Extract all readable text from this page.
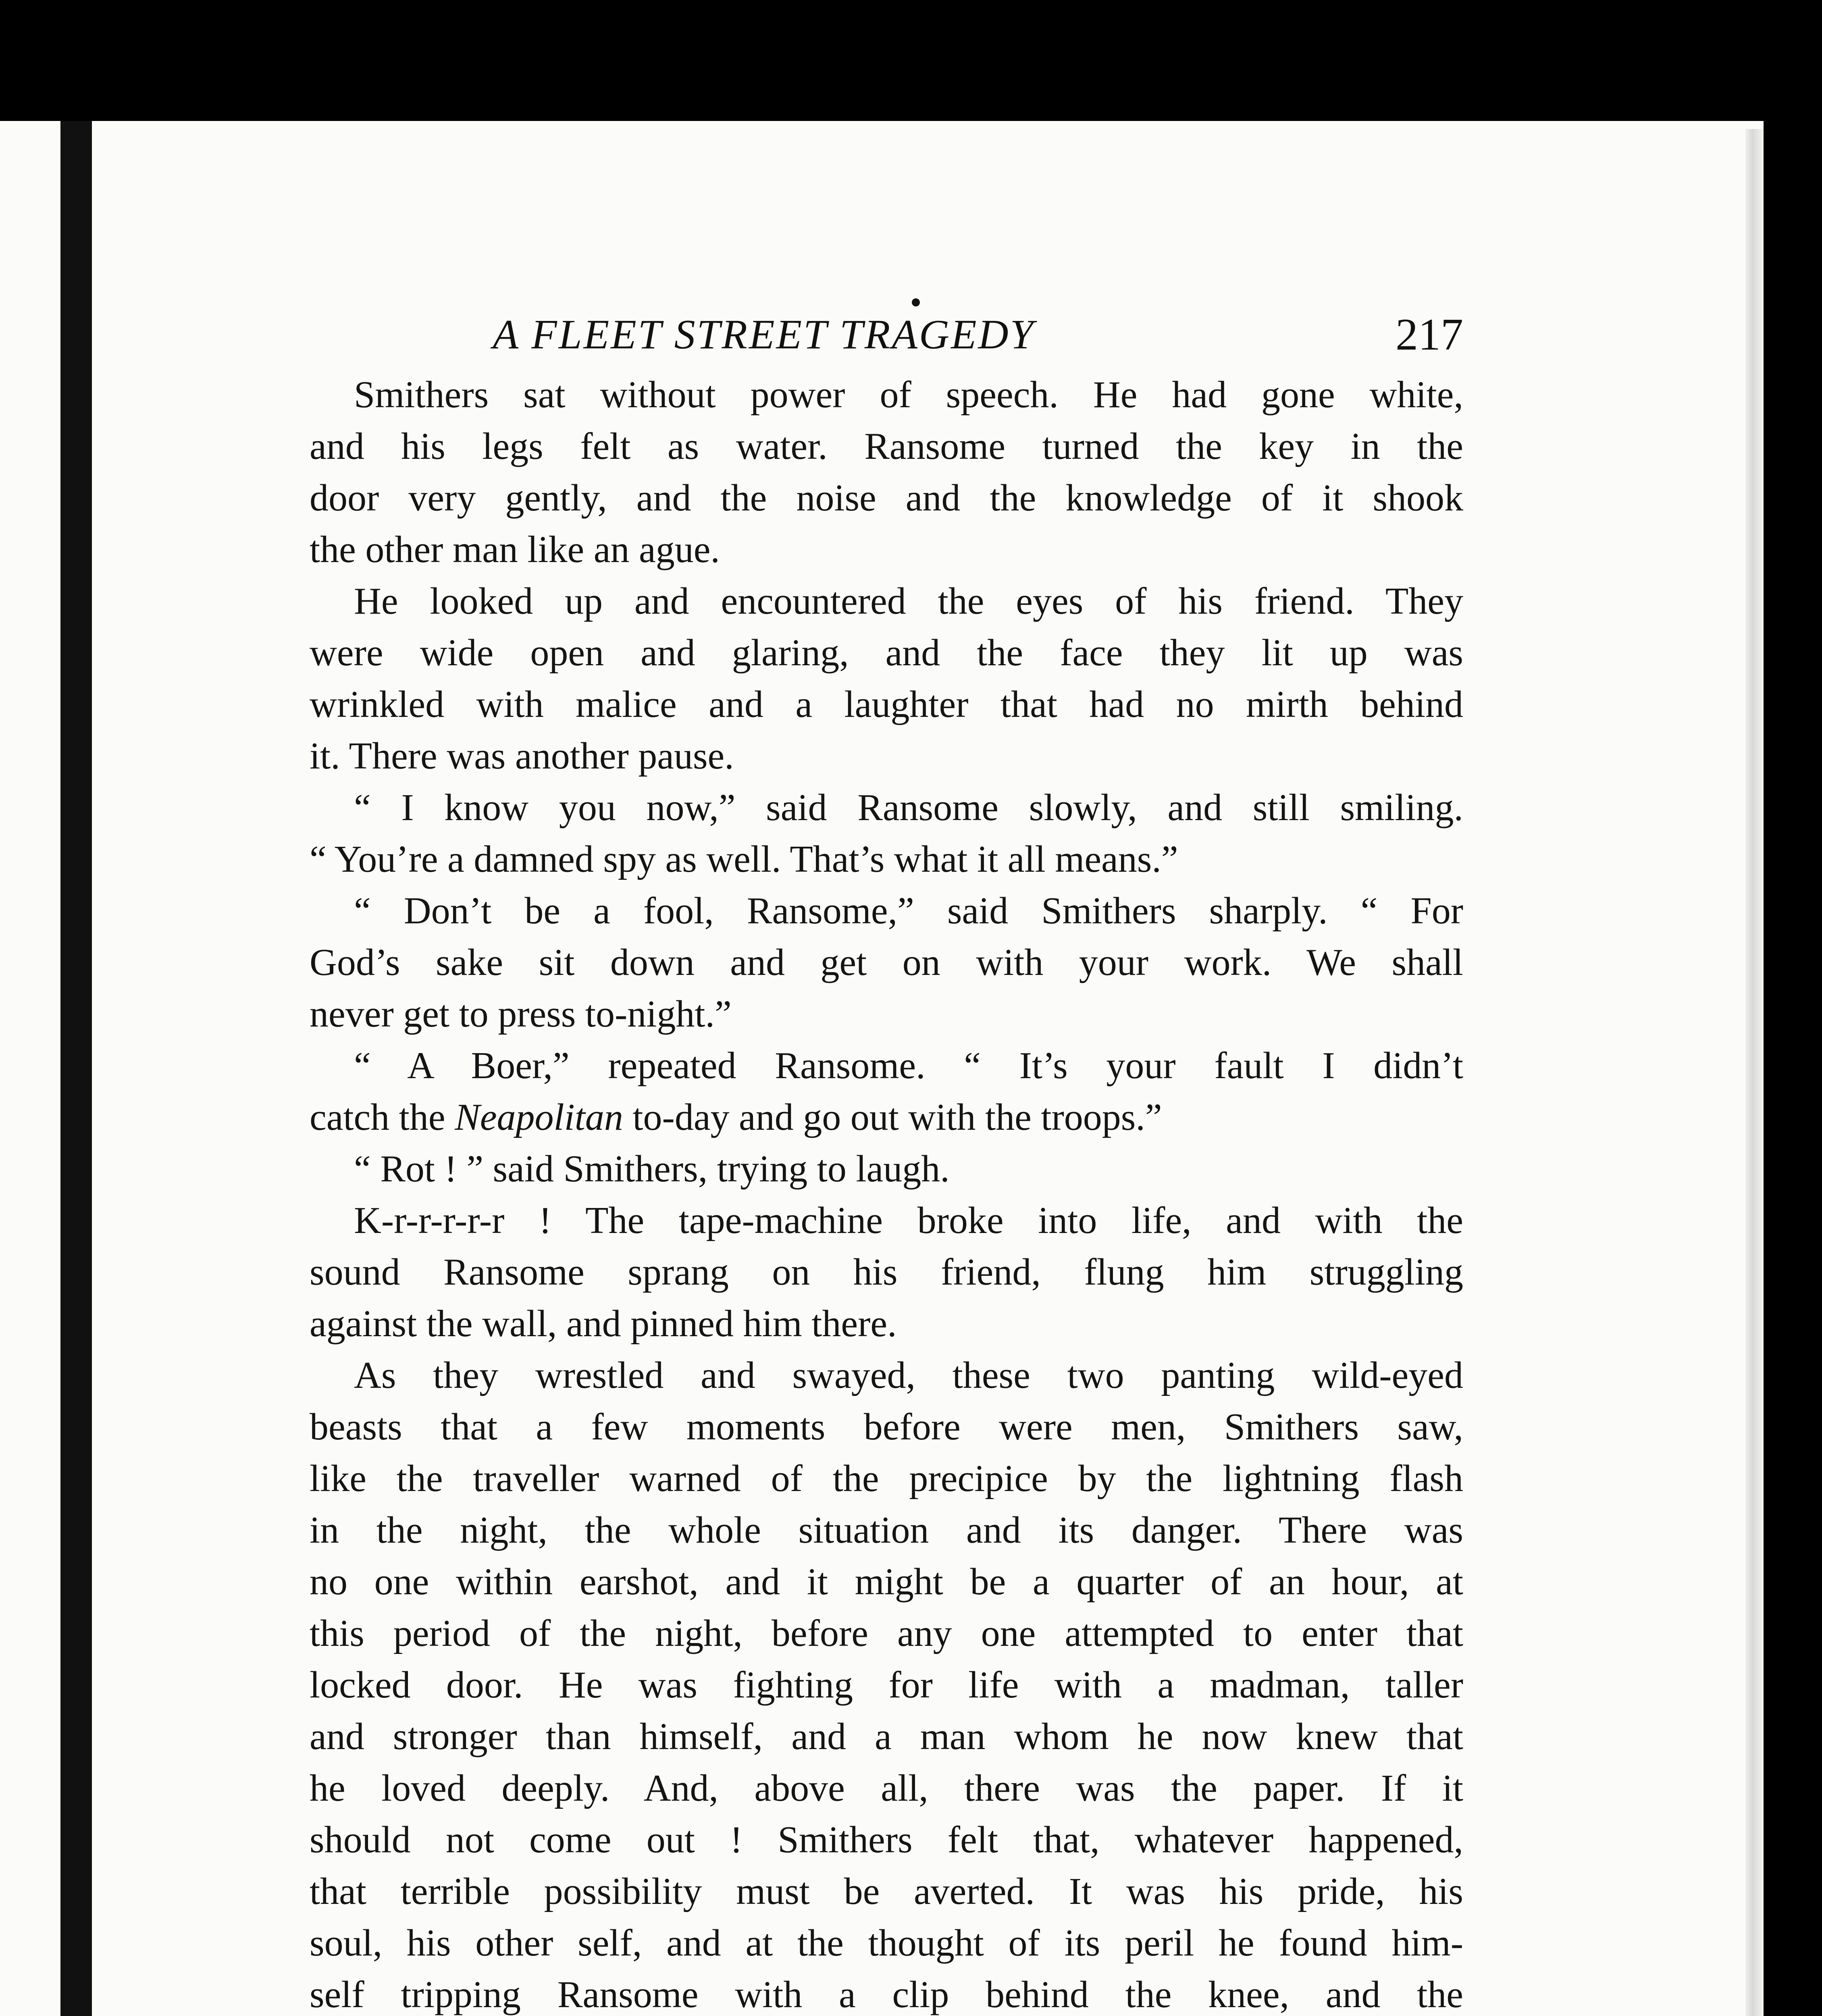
A FLEET STREET TRAGEDY	217
Smithers sat without power of speech. He had gone white,
and his legs felt as water. Ransome turned the key in the
door very gently, and the noise and the knowledge of it shook
the other man like an ague.
He looked up and encountered the eyes of his friend. They
were wide open and glaring, and the face they lit up was
wrinkled with malice and a laughter that had no mirth behind
it. There was another pause.
“ I know you now,” said Ransome slowly, and still smiling.
“ You’re a damned spy as well. That’s what it all means.”
“ Don’t be a fool, Ransome,” said Smithers sharply. “ For
God’s sake sit down and get on with your work. We shall
never get to press to-night.”
“ A Boer,” repeated Ransome. “ It’s your fault I didn’t
catch the Neapolitan to-day and go out with the troops.”
“ Rot ! ” said Smithers, trying to laugh.
K-r-r-r-r-r ! The tape-machine broke into life, and with the
sound Ransome sprang on his friend, flung him struggling
against the wall, and pinned him there.
As they wrestled and swayed, these two panting wild-eyed
beasts that a few moments before were men, Smithers saw,
like the traveller warned of the precipice by the lightning flash
in the night, the whole situation and its danger. There was
no one within earshot, and it might be a quarter of an hour, at
this period of the night, before any one attempted to enter that
locked door. He was fighting for life with a madman, taller
and stronger than himself, and a man whom he now knew that
he loved deeply. And, above all, there was the paper. If it
should not come out ! Smithers felt that, whatever happened,
that terrible possibility must be averted. It was his pride, his
soul, his other self, and at the thought of its peril he found him-
self tripping Ransome with a clip behind the knee, and the
